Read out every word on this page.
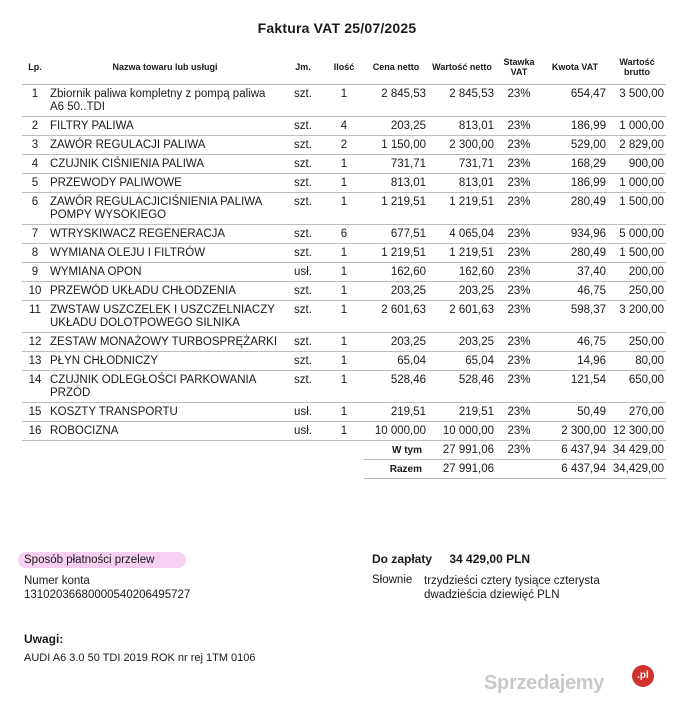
Faktura VAT 25/07/2025
Lp.	Nazwa towaru lub usługi	Jm.	Ilość	Cena netto	Wartość netto	Stawka VAT	Kwota VAT	Wartość brutto
1	Zbiornik paliwa kompletny z pompą paliwa A6 50..TDI	szt.	1	2 845,53	2 845,53	23%	654,47	3 500,00
2	FILTRY PALIWA	szt.	4	203,25	813,01	23%	186,99	1 000,00
3	ZAWÓR REGULACJI PALIWA	szt.	2	1 150,00	2 300,00	23%	529,00	2 829,00
4	CZUJNIK CIŚNIENIA PALIWA	szt.	1	731,71	731,71	23%	168,29	900,00
5	PRZEWODY PALIWOWE	szt.	1	813,01	813,01	23%	186,99	1 000,00
6	ZAWÓR REGULACJICIŚNIENIA PALIWA POMPY WYSOKIEGO	szt.	1	1 219,51	1 219,51	23%	280,49	1 500,00
7	WTRYSKIWACZ REGENERACJA	szt.	6	677,51	4 065,04	23%	934,96	5 000,00
8	WYMIANA OLEJU I FILTRÓW	szt.	1	1 219,51	1 219,51	23%	280,49	1 500,00
9	WYMIANA OPON	usł.	1	162,60	162,60	23%	37,40	200,00
10	PRZEWÓD UKŁADU CHŁODZENIA	szt.	1	203,25	203,25	23%	46,75	250,00
11	ZWSTAW USZCZELEK I USZCZELNIACZY UKŁADU DOLOTPOWEGO SILNIKA	szt.	1	2 601,63	2 601,63	23%	598,37	3 200,00
12	ZESTAW MONAŻOWY TURBOSPRĘŻARKI	szt.	1	203,25	203,25	23%	46,75	250,00
13	PŁYN CHŁODNICZY	szt.	1	65,04	65,04	23%	14,96	80,00
14	CZUJNIK ODLEGŁOŚCI PARKOWANIA PRZÓD	szt.	1	528,46	528,46	23%	121,54	650,00
15	KOSZTY TRANSPORTU	usł.	1	219,51	219,51	23%	50,49	270,00
16	ROBOCIZNA	usł.	1	10 000,00	10 000,00	23%	2 300,00	12 300,00
				W tym	27 991,06	23%	6 437,94	34 429,00
				Razem	27 991,06		6 437,94	34,429,00
Sposób płatności przelew
Numer konta
13102036680000540206495727
Do zapłaty 34 429,00 PLN
Słownie trzydzieści cztery tysiące czterysta dwadzieścia dziewięć PLN
Uwagi:
AUDI A6 3.0 50 TDI 2019 ROK nr rej 1TM 0106
Sprzedajemy	.pl
